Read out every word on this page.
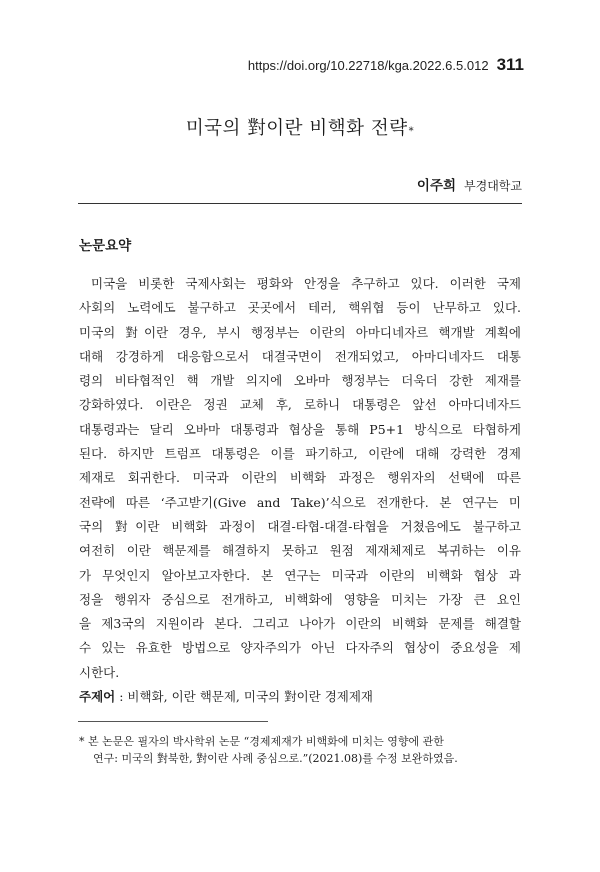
https://doi.org/10.22718/kga.2022.6.5.012 311
미국의 對이란 비핵화 전략*
이주희 부경대학교
논문요약
미국을 비롯한 국제사회는 평화와 안정을 추구하고 있다. 이러한 국제
사회의 노력에도 불구하고 곳곳에서 테러, 핵위협 등이 난무하고 있다.
미국의 對이란 경우, 부시 행정부는 이란의 아마디네자르 핵개발 계획에
대해 강경하게 대응함으로서 대결국면이 전개되었고, 아마디네자드 대통
령의 비타협적인 핵 개발 의지에 오바마 행정부는 더욱더 강한 제재를
강화하였다. 이란은 정권 교체 후, 로하니 대통령은 앞선 아마디네자드
대통령과는 달리 오바마 대통령과 협상을 통해 P5+1 방식으로 타협하게
된다. 하지만 트럼프 대통령은 이를 파기하고, 이란에 대해 강력한 경제
제재로 회귀한다. 미국과 이란의 비핵화 과정은 행위자의 선택에 따른
전략에 따른 ‘주고받기(Give and Take)’식으로 전개한다. 본 연구는 미
국의 對이란 비핵화 과정이 대결-타협-대결-타협을 거쳤음에도 불구하고
여전히 이란 핵문제를 해결하지 못하고 원점 제재체제로 복귀하는 이유
가 무엇인지 알아보고자한다. 본 연구는 미국과 이란의 비핵화 협상 과
정을 행위자 중심으로 전개하고, 비핵화에 영향을 미치는 가장 큰 요인
을 제3국의 지원이라 본다. 그리고 나아가 이란의 비핵화 문제를 해결할
수 있는 유효한 방법으로 양자주의가 아닌 다자주의 협상이 중요성을 제
시한다.
주제어 : 비핵화, 이란 핵문제, 미국의 對이란 경제제재
* 본 논문은 필자의 박사학위 논문 “경제제재가 비핵화에 미치는 영향에 관한
연구: 미국의 對북한, 對이란 사례 중심으로.”(2021.08)를 수정 보완하였음.
